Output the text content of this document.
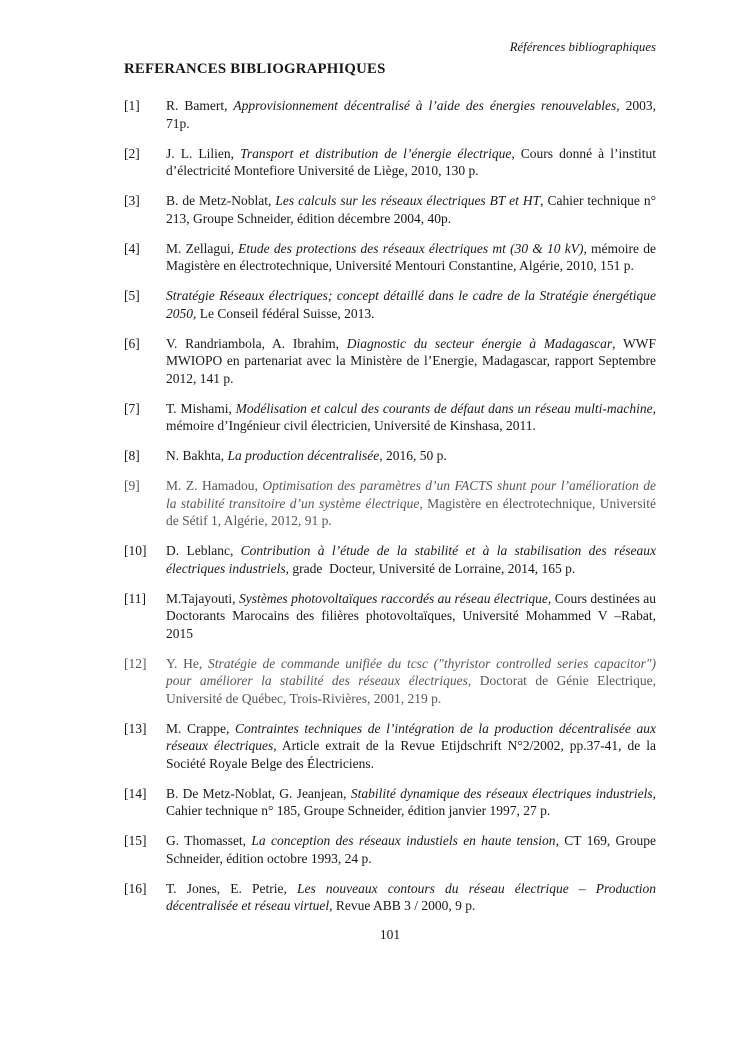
Références bibliographiques
REFERANCES BIBLIOGRAPHIQUES
[1] R. Bamert, Approvisionnement décentralisé à l’aide des énergies renouvelables, 2003, 71p.
[2] J. L. Lilien, Transport et distribution de l’énergie électrique, Cours donné à l’institut d’électricité Montefiore Université de Liège, 2010, 130 p.
[3] B. de Metz-Noblat, Les calculs sur les réseaux électriques BT et HT, Cahier technique n° 213, Groupe Schneider, édition décembre 2004, 40p.
[4] M. Zellagui, Etude des protections des réseaux électriques mt (30 & 10 kV), mémoire de Magistère en électrotechnique, Université Mentouri Constantine, Algérie, 2010, 151 p.
[5] Stratégie Réseaux électriques; concept détaillé dans le cadre de la Stratégie énergétique 2050, Le Conseil fédéral Suisse, 2013.
[6] V. Randriambola, A. Ibrahim, Diagnostic du secteur énergie à Madagascar, WWF MWIOPO en partenariat avec la Ministère de l’Energie, Madagascar, rapport Septembre 2012, 141 p.
[7] T. Mishami, Modélisation et calcul des courants de défaut dans un réseau multi-machine, mémoire d’Ingénieur civil électricien, Université de Kinshasa, 2011.
[8] N. Bakhta, La production décentralisée, 2016, 50 p.
[9] M. Z. Hamadou, Optimisation des paramètres d’un FACTS shunt pour l’amélioration de la stabilité transitoire d’un système électrique, Magistère en électrotechnique, Université de Sétif 1, Algérie, 2012, 91 p.
[10] D. Leblanc, Contribution à l’étude de la stabilité et à la stabilisation des réseaux électriques industriels, grade  Docteur, Université de Lorraine, 2014, 165 p.
[11] M.Tajayouti, Systèmes photovoltaïques raccordés au réseau électrique, Cours destinées au Doctorants Marocains des filières photovoltaïques, Université Mohammed V –Rabat, 2015
[12] Y. He, Stratégie de commande unifiée du tcsc ("thyristor controlled series capacitor") pour améliorer la stabilité des réseaux électriques, Doctorat de Génie Electrique, Université de Québec, Trois-Rivières, 2001, 219 p.
[13] M. Crappe, Contraintes techniques de l’intégration de la production décentralisée aux réseaux électriques, Article extrait de la Revue Etijdschrift N°2/2002, pp.37-41, de la Société Royale Belge des Électriciens.
[14] B. De Metz-Noblat, G. Jeanjean, Stabilité dynamique des réseaux électriques industriels, Cahier technique n° 185, Groupe Schneider, édition janvier 1997, 27 p.
[15] G. Thomasset, La conception des réseaux industiels en haute tension, CT 169, Groupe Schneider, édition octobre 1993, 24 p.
[16] T. Jones, E. Petrie, Les nouveaux contours du réseau électrique – Production décentralisée et réseau virtuel, Revue ABB 3 / 2000, 9 p.
101
